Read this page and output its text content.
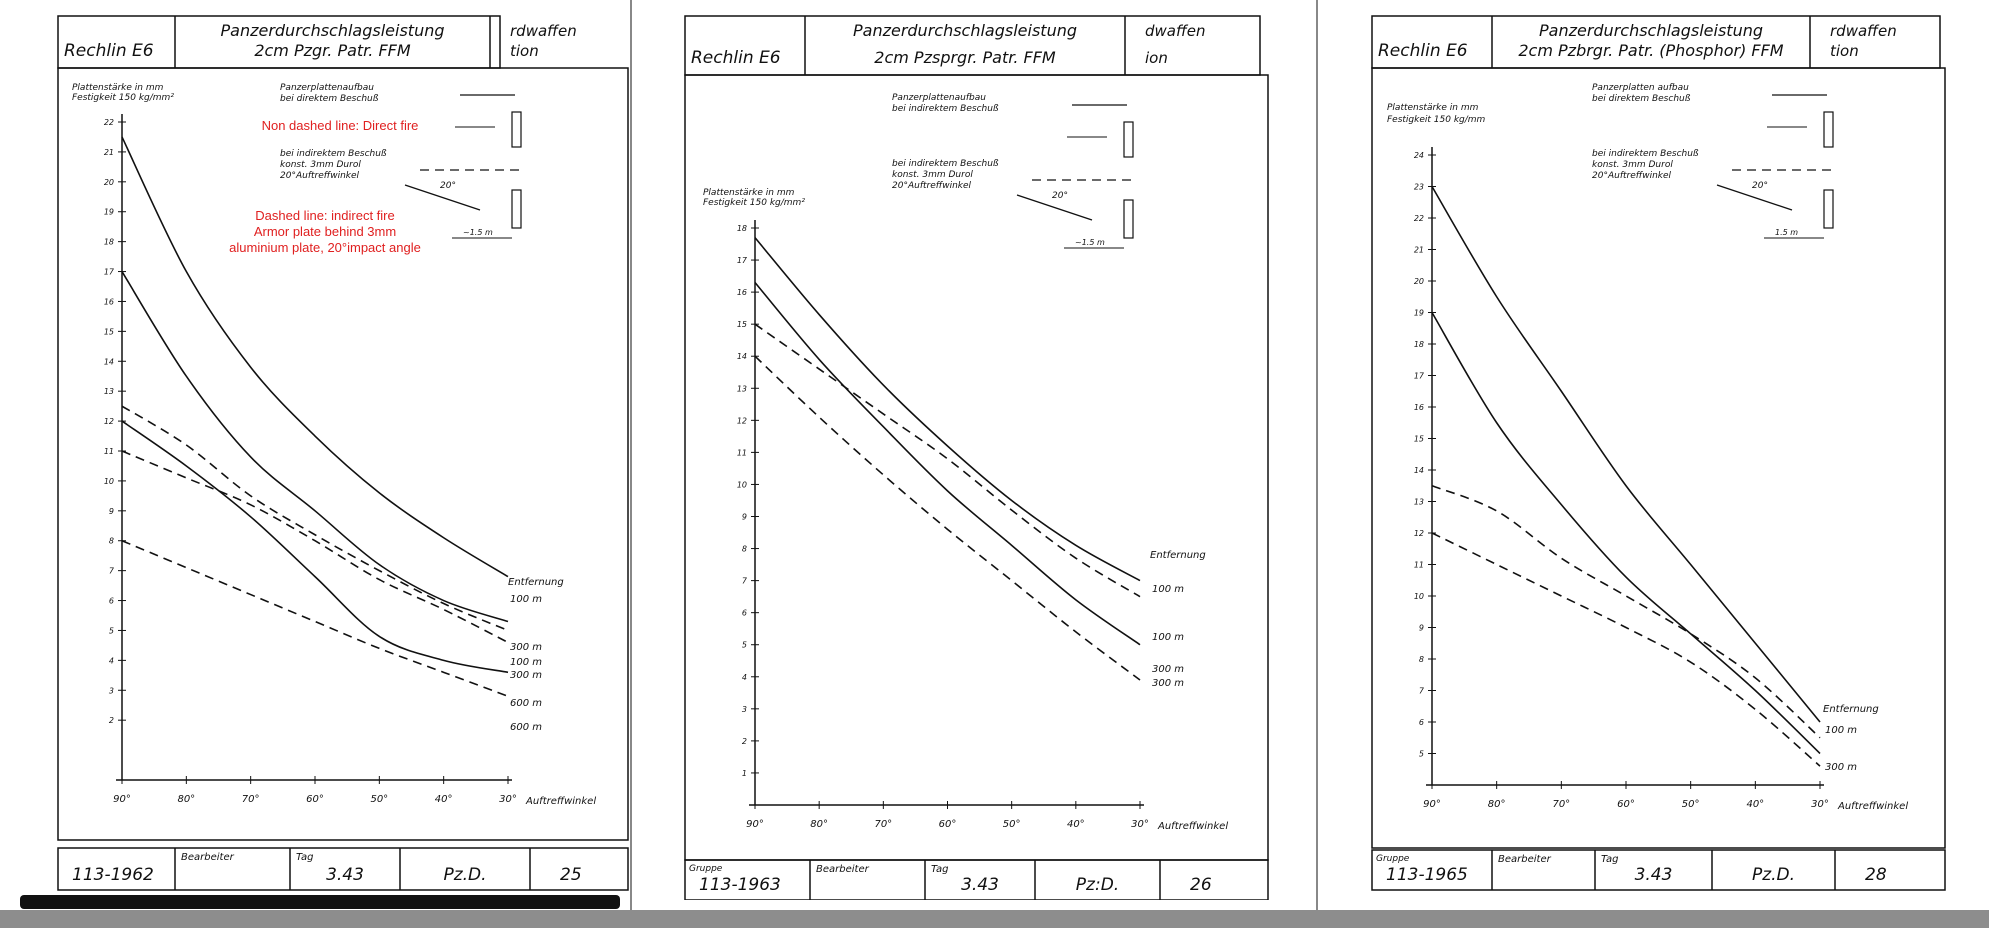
Rechlin E6
Panzerdurchschlagsleistung
2cm Pzgr. Patr. FFM
rdwaffen
tion
113-1962
Bearbeiter	Tag
3.43	Pz.D.	25
Plattenstärke in mm
Festigkeit 150 kg/mm²
2
3
4
5
6
7
8
9
10
11
12
13
14
15
16
17
18
19
20
21
22
90°	80°	70°	60°	50°	40°	30° Auftreffwinkel
100 m
300 m
100 m
300 m
600 m
600 m
Entfernung
Panzerplattenaufbau
bei direktem Beschuß
bei indirektem Beschuß
konst. 3mm Durol
20°Auftreffwinkel
20°
~1.5 m
Rechlin E6
Panzerdurchschlagsleistung
2cm Pzsprgr. Patr. FFM
dwaffen
ion
Gruppe
113-1963
Bearbeiter	Tag
3.43	Pz:D.	26
Plattenstärke in mm
Festigkeit 150 kg/mm²
1
2
3
4
5
6
7
8
9
10
11
12
13
14
15
16
17
18
90°	80°	70°	60°	50°	40°	30° Auftreffwinkel
100 m
100 m
300 m
300 m
Entfernung
Panzerplattenaufbau
bei indirektem Beschuß
bei indirektem Beschuß
konst. 3mm Durol
20°Auftreffwinkel
20°
~1.5 m
Rechlin E6
Panzerdurchschlagsleistung
2cm Pzbrgr. Patr. (Phosphor) FFM
rdwaffen
tion
Gruppe
113-1965
Bearbeiter	Tag
3.43	Pz.D.	28
Plattenstärke in mm
Festigkeit 150 kg/mm
5
6
7
8
9
10
11
12
13
14
15
16
17
18
19
20
21
22
23
24
90°	80°	70°	60°	50°	40°	30° Auftreffwinkel
100 m
300 m
Entfernung
Panzerplatten aufbau
bei direktem Beschuß
bei indirektem Beschuß
konst. 3mm Durol
20°Auftreffwinkel
20°
1.5 m
Non dashed line: Direct fire
Dashed line: indirect fire
Armor plate behind 3mm
aluminium plate, 20°impact angle
